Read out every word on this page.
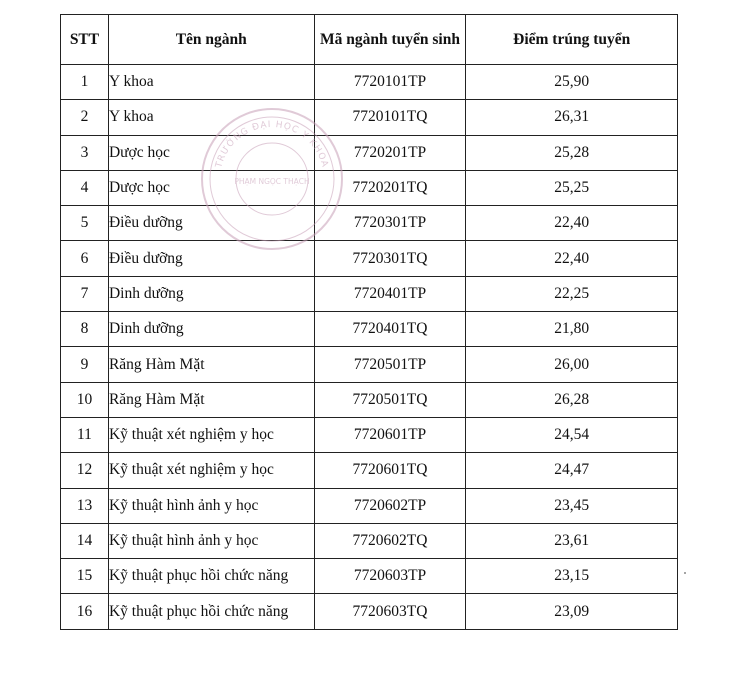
STT	Tên ngành	Mã ngành tuyển sinh	Điểm trúng tuyển
1	Y khoa	7720101TP	25,90
2	Y khoa	7720101TQ	26,31
3	Dược học	7720201TP	25,28
4	Dược học	7720201TQ	25,25
5	Điều dưỡng	7720301TP	22,40
6	Điều dưỡng	7720301TQ	22,40
7	Dinh dưỡng	7720401TP	22,25
8	Dinh dưỡng	7720401TQ	21,80
9	Răng Hàm Mặt	7720501TP	26,00
10	Răng Hàm Mặt	7720501TQ	26,28
11	Kỹ thuật xét nghiệm y học	7720601TP	24,54
12	Kỹ thuật xét nghiệm y học	7720601TQ	24,47
13	Kỹ thuật hình ảnh y học	7720602TP	23,45
14	Kỹ thuật hình ảnh y học	7720602TQ	23,61
15	Kỹ thuật phục hồi chức năng	7720603TP	23,15
16	Kỹ thuật phục hồi chức năng	7720603TQ	23,09
TRƯỜNG ĐẠI HỌC Y KHOA
PHẠM NGỌC THẠCH
